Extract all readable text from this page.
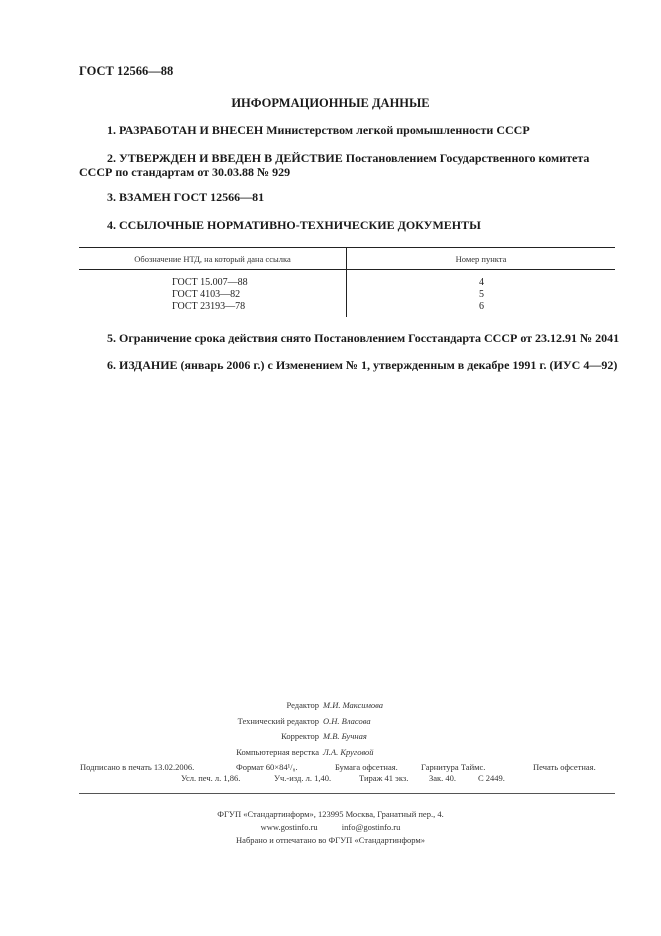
ГОСТ 12566—88
ИНФОРМАЦИОННЫЕ ДАННЫЕ
1. РАЗРАБОТАН И ВНЕСЕН Министерством легкой промышленности СССР
2. УТВЕРЖДЕН И ВВЕДЕН В ДЕЙСТВИЕ Постановлением Государственного комитета СССР по стандартам от 30.03.88 № 929
3. ВЗАМЕН ГОСТ 12566—81
4. ССЫЛОЧНЫЕ НОРМАТИВНО-ТЕХНИЧЕСКИЕ ДОКУМЕНТЫ
Обозначение НТД, на который дана ссылка	Номер пункта
ГОСТ 15.007—88	4
ГОСТ 4103—82	5
ГОСТ 23193—78	6
5. Ограничение срока действия снято Постановлением Госстандарта СССР от 23.12.91 № 2041
6. ИЗДАНИЕ (январь 2006 г.) с Изменением № 1, утвержденным в декабре 1991 г. (ИУС 4—92)
Редактор М.И. Максимова
Технический редактор О.Н. Власова
Корректор М.В. Бучная
Компьютерная верстка Л.А. Круговой
Подписано в печать 13.02.2006.	Формат 60×84¹/₈.	Бумага офсетная.	Гарнитура Таймс.	Печать офсетная.
Усл. печ. л. 1,86.	Уч.-изд. л. 1,40.	Тираж 41 экз. Зак. 40.	С 2449.
ФГУП «Стандартинформ», 123995 Москва, Гранатный пер., 4.
www.gostinfo.ru	info@gostinfo.ru
Набрано и отпечатано во ФГУП «Стандартинформ»
